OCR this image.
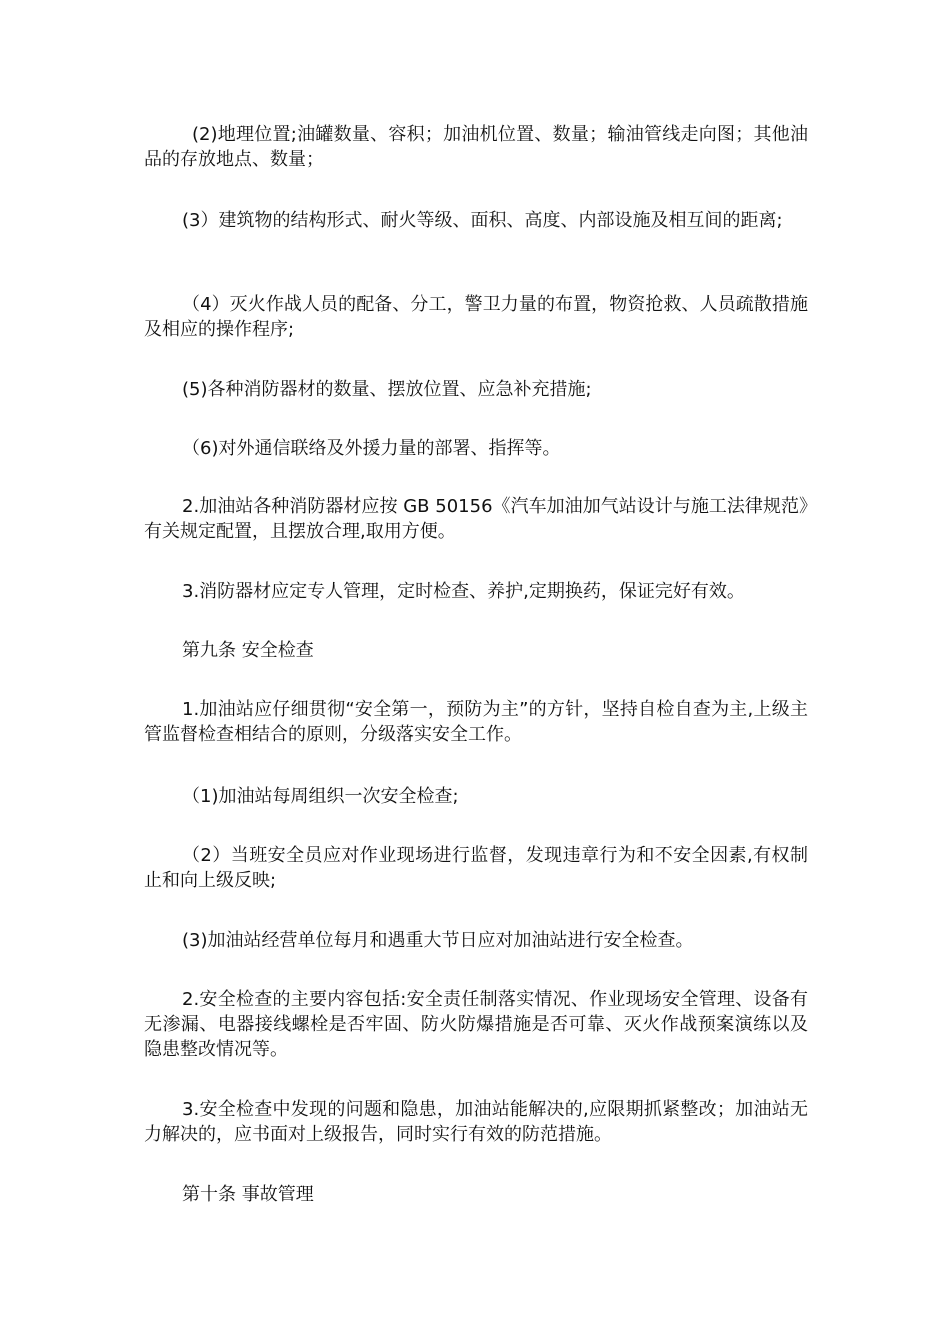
(2)地理位置;油罐数量、容积；加油机位置、数量；输油管线走向图；其他油品的存放地点、数量；

(3）建筑物的结构形式、耐火等级、面积、高度、内部设施及相互间的距离;

（4）灭火作战人员的配备、分工，警卫力量的布置，物资抢救、人员疏散措施及相应的操作程序;

(5)各种消防器材的数量、摆放位置、应急补充措施;

（6)对外通信联络及外援力量的部署、指挥等。

2.加油站各种消防器材应按 GB 50156《汽车加油加气站设计与施工法律规范》有关规定配置，且摆放合理,取用方便。

3.消防器材应定专人管理，定时检查、养护,定期换药，保证完好有效。

第九条 安全检查

1.加油站应仔细贯彻“安全第一，预防为主”的方针，坚持自检自查为主,上级主管监督检查相结合的原则，分级落实安全工作。

（1)加油站每周组织一次安全检查;

（2）当班安全员应对作业现场进行监督，发现违章行为和不安全因素,有权制止和向上级反映;

(3)加油站经营单位每月和遇重大节日应对加油站进行安全检查。

2.安全检查的主要内容包括:安全责任制落实情况、作业现场安全管理、设备有无渗漏、电器接线螺栓是否牢固、防火防爆措施是否可靠、灭火作战预案演练以及隐患整改情况等。

3.安全检查中发现的问题和隐患，加油站能解决的,应限期抓紧整改；加油站无力解决的，应书面对上级报告，同时实行有效的防范措施。

第十条 事故管理
